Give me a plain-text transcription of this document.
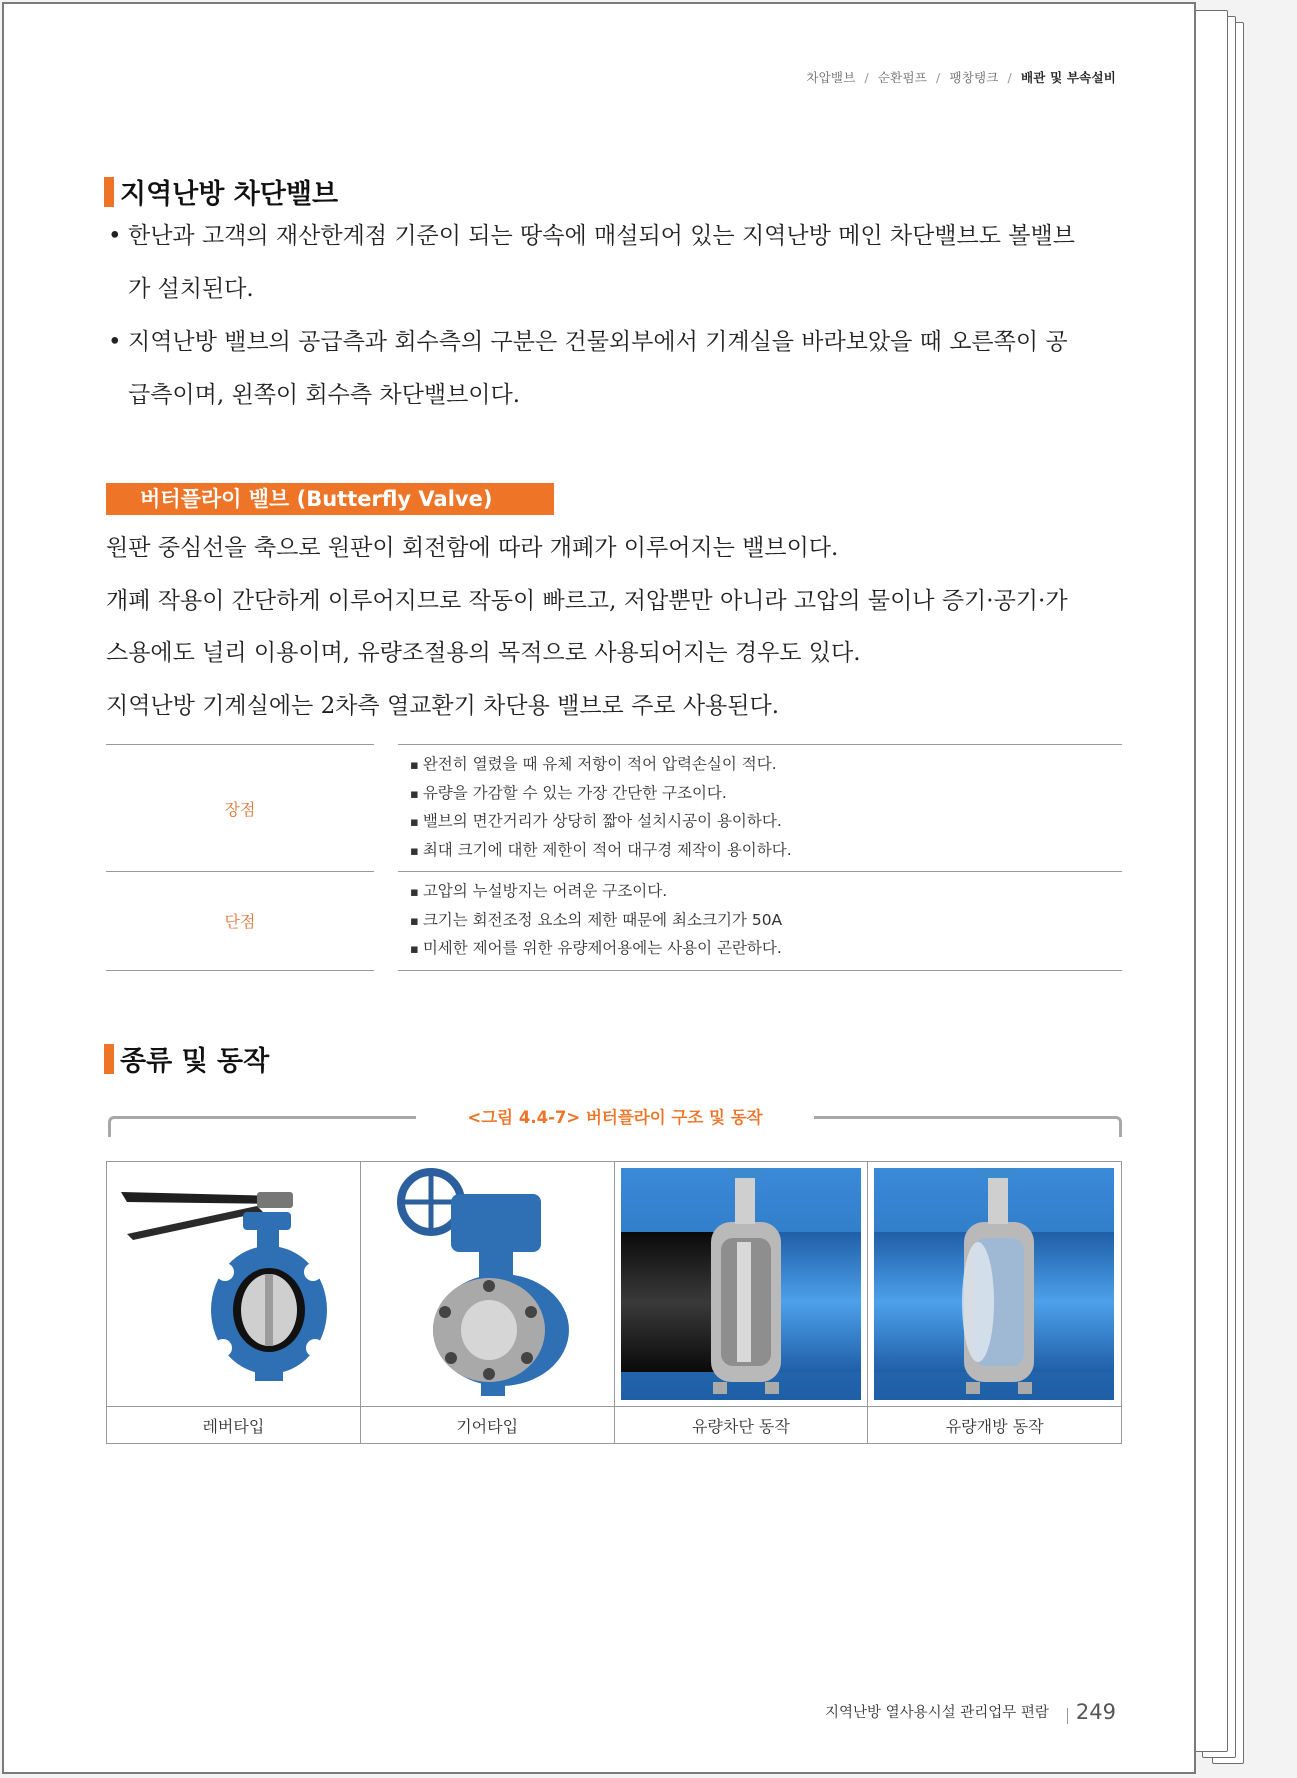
차압밸브 / 순환펌프 / 팽창탱크 / 배관 및 부속설비
지역난방 차단밸브
• 한난과 고객의 재산한계점 기준이 되는 땅속에 매설되어 있는 지역난방 메인 차단밸브도 볼밸브
가 설치된다.
• 지역난방 밸브의 공급측과 회수측의 구분은 건물외부에서 기계실을 바라보았을 때 오른쪽이 공
급측이며, 왼쪽이 회수측 차단밸브이다.
버터플라이 밸브 (Butterfly Valve)

원판 중심선을 축으로 원판이 회전함에 따라 개폐가 이루어지는 밸브이다.

개폐 작용이 간단하게 이루어지므로 작동이 빠르고, 저압뿐만 아니라 고압의 물이나 증기·공기·가

스용에도 널리 이용이며, 유량조절용의 목적으로 사용되어지는 경우도 있다.

지역난방 기계실에는 2차측 열교환기 차단용 밸브로 주로 사용된다.

장점
▪ 완전히 열렸을 때 유체 저항이 적어 압력손실이 적다.
▪ 유량을 가감할 수 있는 가장 간단한 구조이다.
▪ 밸브의 면간거리가 상당히 짧아 설치시공이 용이하다.
▪ 최대 크기에 대한 제한이 적어 대구경 제작이 용이하다.
단점
▪ 고압의 누설방지는 어려운 구조이다.
▪ 크기는 회전조정 요소의 제한 때문에 최소크기가 50A
▪ 미세한 제어를 위한 유량제어용에는 사용이 곤란하다.
종류 및 동작
<그림 4.4-7> 버터플라이 구조 및 동작
레버타입	기어타입	유량차단 동작	유량개방 동작
지역난방 열사용시설 관리업무 편람 249
